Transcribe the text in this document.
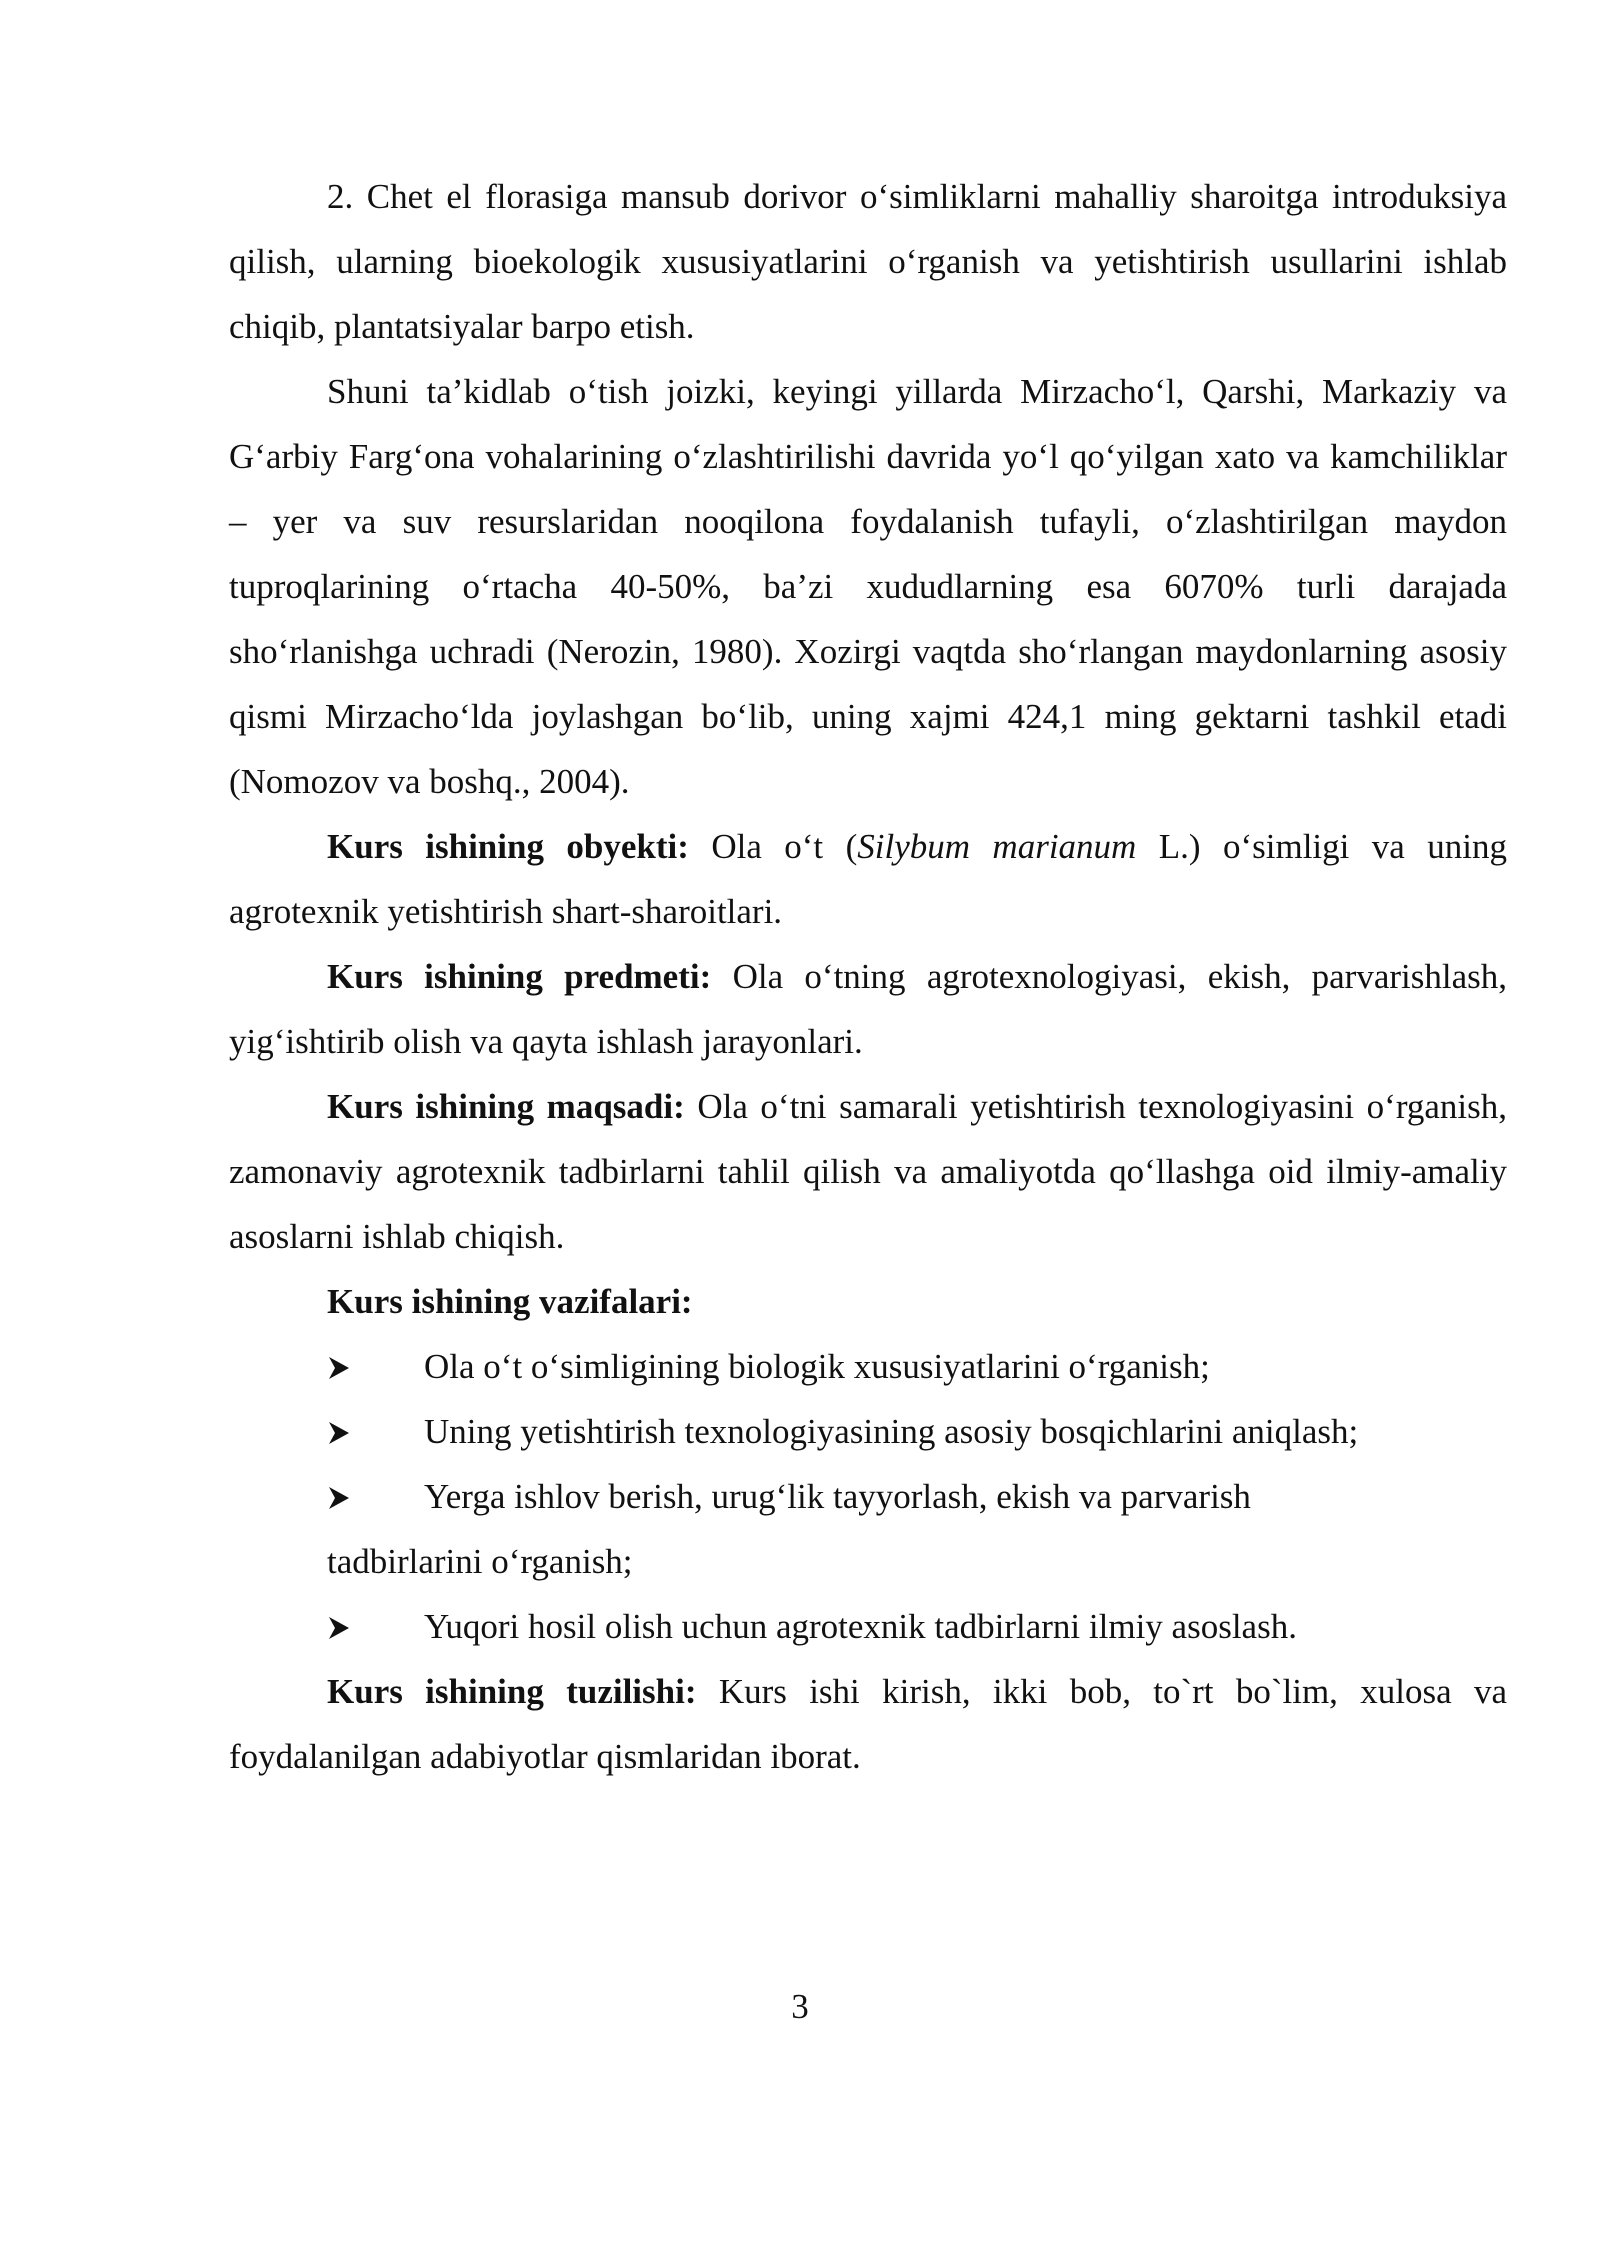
2. Chet el florasiga mansub dorivor o‘simliklarni mahalliy sharoitga introduksiya qilish, ularning bioekologik xususiyatlarini o‘rganish va yetishtirish usullarini ishlab chiqib, plantatsiyalar barpo etish.

Shuni ta’kidlab o‘tish joizki, keyingi yillarda Mirzacho‘l, Qarshi, Markaziy va G‘arbiy Farg‘ona vohalarining o‘zlashtirilishi davrida yo‘l qo‘yilgan xato va kamchiliklar – yer va suv resurslaridan nooqilona foydalanish tufayli, o‘zlashtirilgan maydon tuproqlarining o‘rtacha 40-50%, ba’zi xududlarning esa 6070% turli darajada sho‘rlanishga uchradi (Nerozin, 1980). Xozirgi vaqtda sho‘rlangan maydonlarning asosiy qismi Mirzacho‘lda joylashgan bo‘lib, uning xajmi 424,1 ming gektarni tashkil etadi (Nomozov va boshq., 2004).

Kurs ishining obyekti: Ola o‘t (Silybum marianum L.) o‘simligi va uning agrotexnik yetishtirish shart-sharoitlari.

Kurs ishining predmeti: Ola o‘tning agrotexnologiyasi, ekish, parvarishlash, yig‘ishtirib olish va qayta ishlash jarayonlari.

Kurs ishining maqsadi: Ola o‘tni samarali yetishtirish texnologiyasini o‘rganish, zamonaviy agrotexnik tadbirlarni tahlil qilish va amaliyotda qo‘llashga oid ilmiy-amaliy asoslarni ishlab chiqish.

Kurs ishining vazifalari:

Ola o‘t o‘simligining biologik xususiyatlarini o‘rganish;
Uning yetishtirish texnologiyasining asosiy bosqichlarini aniqlash;
Yerga ishlov berish, urug‘lik tayyorlash, ekish va parvarish
tadbirlarini o‘rganish;
Yuqori hosil olish uchun agrotexnik tadbirlarni ilmiy asoslash.

Kurs ishining tuzilishi: Kurs ishi kirish, ikki bob, to`rt bo`lim, xulosa va foydalanilgan adabiyotlar qismlaridan iborat.

3
